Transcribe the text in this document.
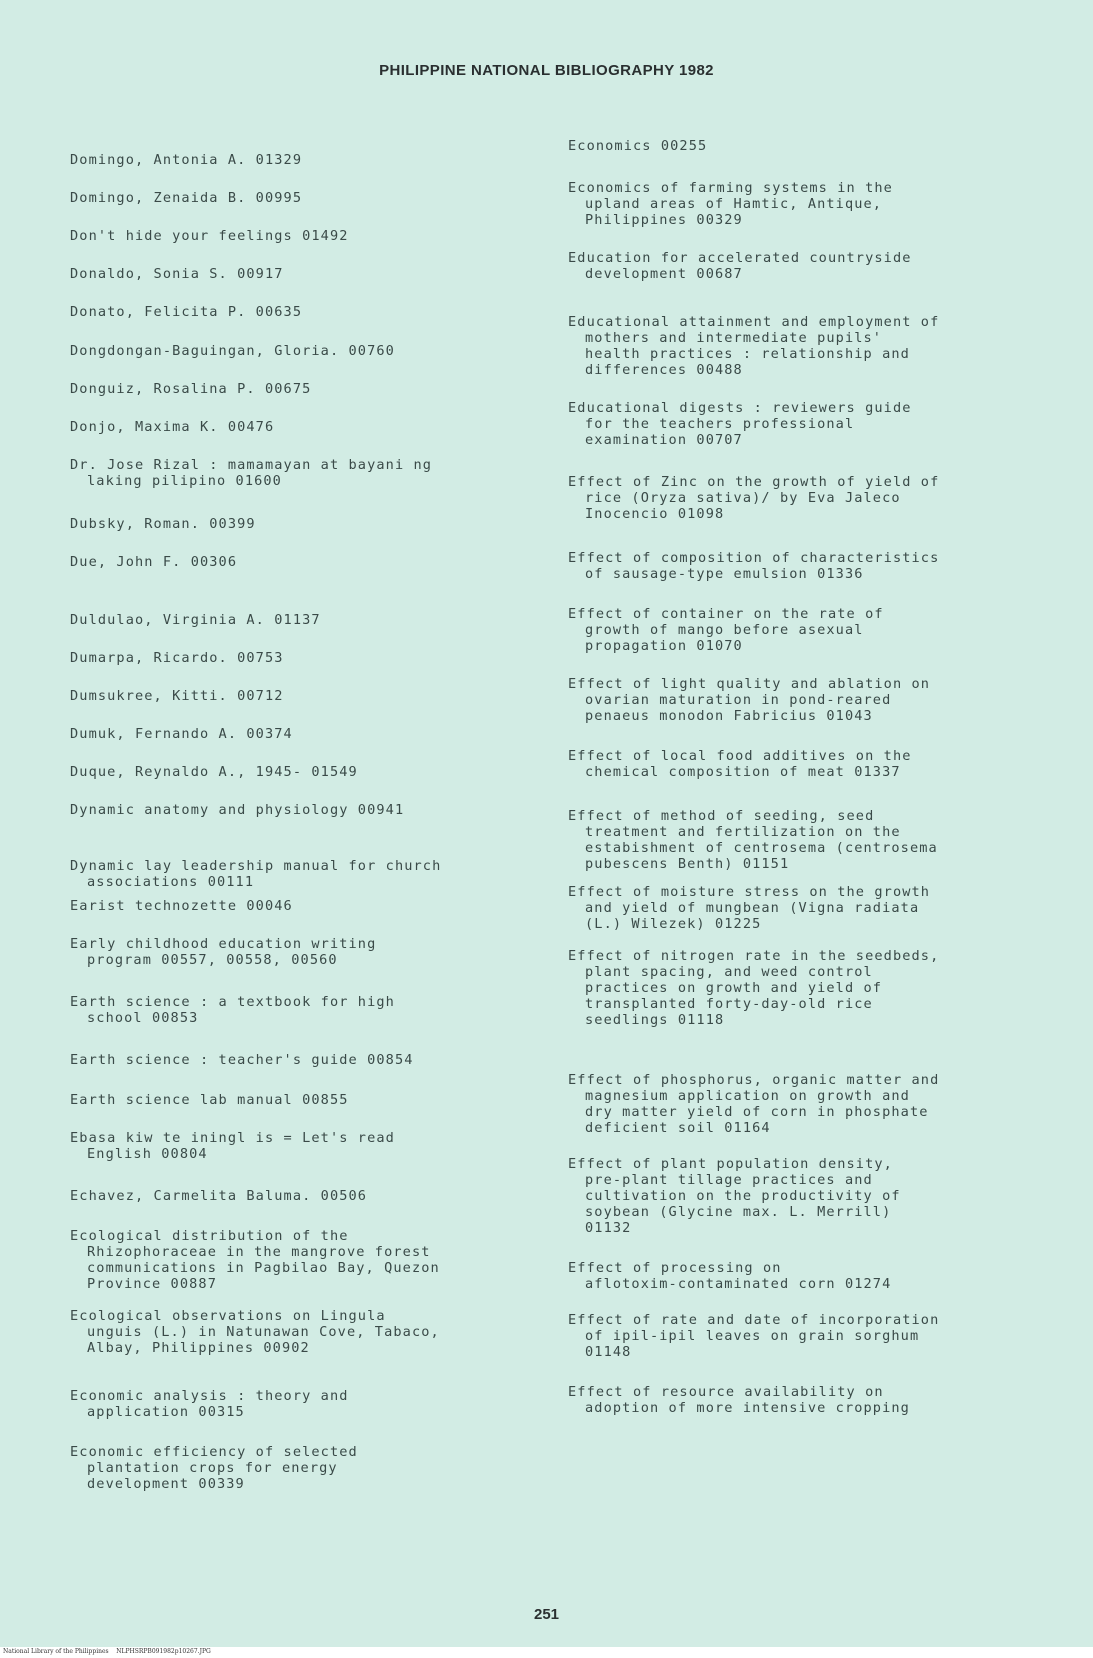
PHILIPPINE NATIONAL BIBLIOGRAPHY 1982
Domingo, Antonia A. 01329
Domingo, Zenaida B. 00995
Don't hide your feelings 01492
Donaldo, Sonia S. 00917
Donato, Felicita P. 00635
Dongdongan-Baguingan, Gloria. 00760
Donguiz, Rosalina P. 00675
Donjo, Maxima K. 00476
Dr. Jose Rizal : mamamayan at bayani ng
laking pilipino 01600
Dubsky, Roman. 00399
Due, John F. 00306
Duldulao, Virginia A. 01137
Dumarpa, Ricardo. 00753
Dumsukree, Kitti. 00712
Dumuk, Fernando A. 00374
Duque, Reynaldo A., 1945- 01549
Dynamic anatomy and physiology 00941
Dynamic lay leadership manual for church
associations 00111
Earist technozette 00046
Early childhood education writing
program 00557, 00558, 00560
Earth science : a textbook for high
school 00853
Earth science : teacher's guide 00854
Earth science lab manual 00855
Ebasa kiw te iningl is = Let's read
English 00804
Echavez, Carmelita Baluma. 00506
Ecological distribution of the
Rhizophoraceae in the mangrove forest
communications in Pagbilao Bay, Quezon
Province 00887
Ecological observations on Lingula
unguis (L.) in Natunawan Cove, Tabaco,
Albay, Philippines 00902
Economic analysis : theory and
application 00315
Economic efficiency of selected
plantation crops for energy
development 00339
Economics 00255
Economics of farming systems in the
upland areas of Hamtic, Antique,
Philippines 00329
Education for accelerated countryside
development 00687
Educational attainment and employment of
mothers and intermediate pupils'
health practices : relationship and
differences 00488
Educational digests : reviewers guide
for the teachers professional
examination 00707
Effect of Zinc on the growth of yield of
rice (Oryza sativa)/ by Eva Jaleco
Inocencio 01098
Effect of composition of characteristics
of sausage-type emulsion 01336
Effect of container on the rate of
growth of mango before asexual
propagation 01070
Effect of light quality and ablation on
ovarian maturation in pond-reared
penaeus monodon Fabricius 01043
Effect of local food additives on the
chemical composition of meat 01337
Effect of method of seeding, seed
treatment and fertilization on the
estabishment of centrosema (centrosema
pubescens Benth) 01151
Effect of moisture stress on the growth
and yield of mungbean (Vigna radiata
(L.) Wilezek) 01225
Effect of nitrogen rate in the seedbeds,
plant spacing, and weed control
practices on growth and yield of
transplanted forty-day-old rice
seedlings 01118
Effect of phosphorus, organic matter and
magnesium application on growth and
dry matter yield of corn in phosphate
deficient soil 01164
Effect of plant population density,
pre-plant tillage practices and
cultivation on the productivity of
soybean (Glycine max. L. Merrill)
01132
Effect of processing on
aflotoxim-contaminated corn 01274
Effect of rate and date of incorporation
of ipil-ipil leaves on grain sorghum
01148
Effect of resource availability on
adoption of more intensive cropping
251
National Library of the Philippines    NLPHSRPB091982p10267.JPG
